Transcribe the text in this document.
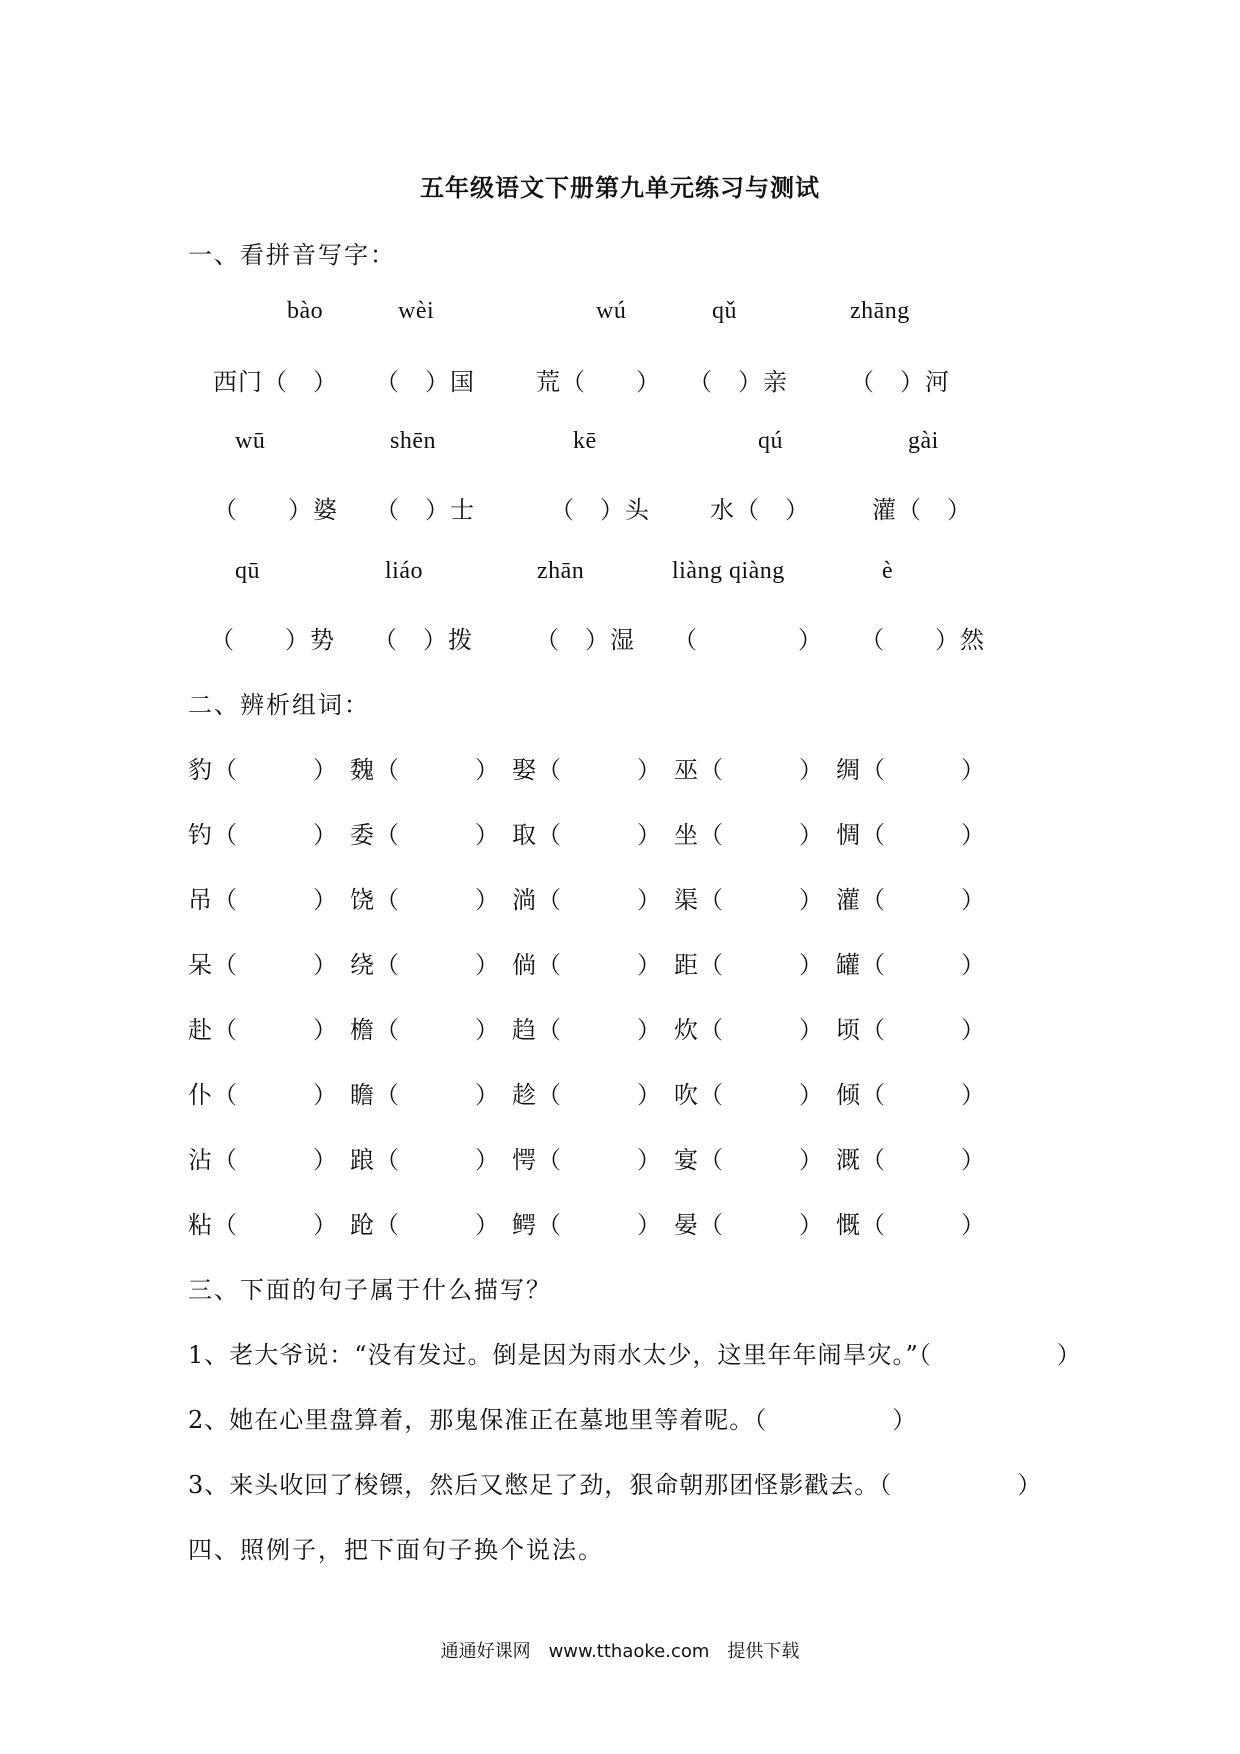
五年级语文下册第九单元练习与测试
一、看拼音写字：
bào	wèi	wú	qǔ	zhāng
西门（　） （　）国	荒（　　） （　）亲	（　）河
wū	shēn	kē	qú	gài
（　　）婆 （　）士	（　）头	水（　）	灌（　）
qū	liáo	zhān	liàng qiàng	è
（　　）势 （　）拨	（　）湿 （　　　　） （　　）然
二、辨析组词：
豹（　　　） 魏（　　　） 娶（　　　） 巫（　　　） 绸（　　　）
钓（　　　） 委（　　　） 取（　　　） 坐（　　　） 惆（　　　）
吊（　　　） 饶（　　　） 淌（　　　） 渠（　　　） 灌（　　　）
呆（　　　） 绕（　　　） 倘（　　　） 距（　　　） 罐（　　　）
赴（　　　） 檐（　　　） 趋（　　　） 炊（　　　） 顷（　　　）
仆（　　　） 瞻（　　　） 趁（　　　） 吹（　　　） 倾（　　　）
沾（　　　） 踉（　　　） 愕（　　　） 宴（　　　） 溉（　　　）
粘（　　　） 跄（　　　） 鳄（　　　） 晏（　　　） 慨（　　　）
三、下面的句子属于什么描写？
1、老大爷说：“没有发过。倒是因为雨水太少，这里年年闹旱灾。”（　　　　　）
2、她在心里盘算着，那鬼保准正在墓地里等着呢。（　　　　　）
3、来头收回了梭镖，然后又憋足了劲，狠命朝那团怪影戳去。（　　　　　）
四、照例子，把下面句子换个说法。
通通好课网　www.tthaoke.com　提供下载
